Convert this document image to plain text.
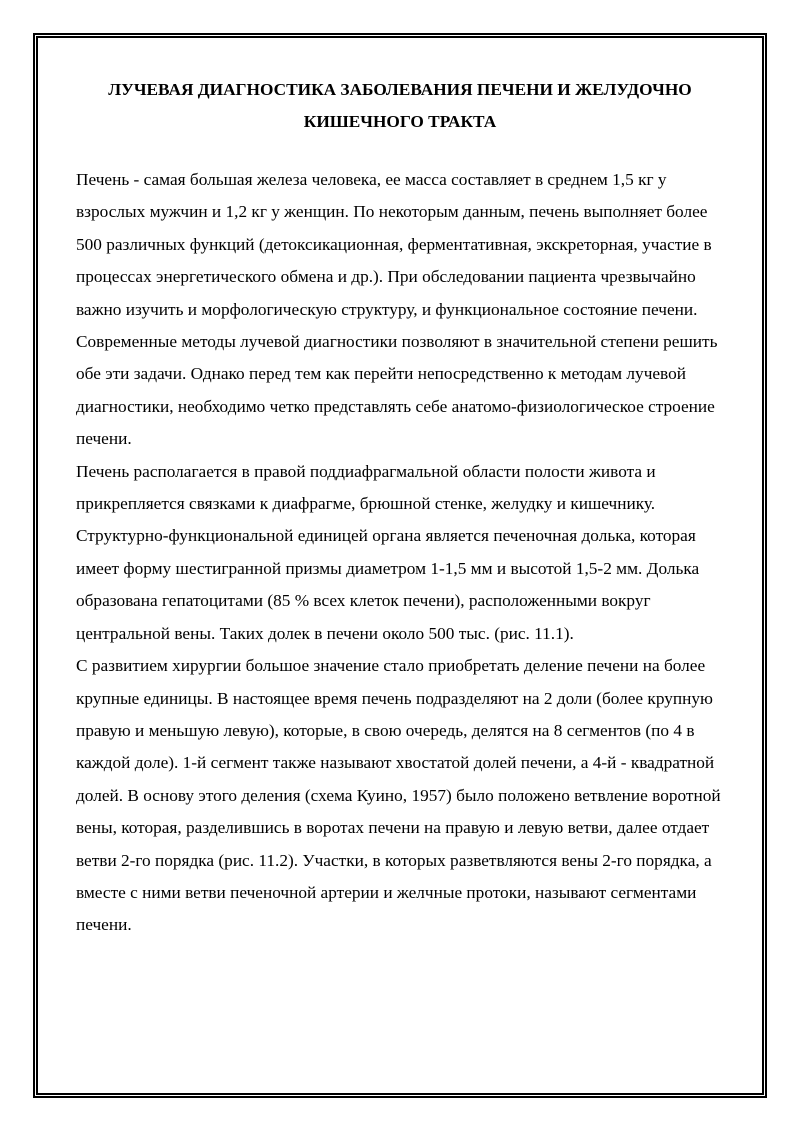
ЛУЧЕВАЯ ДИАГНОСТИКА ЗАБОЛЕВАНИЯ ПЕЧЕНИ И ЖЕЛУДОЧНО КИШЕЧНОГО ТРАКТА

Печень - самая большая железа человека, ее масса составляет в среднем 1,5 кг у взрослых мужчин и 1,2 кг у женщин. По некоторым данным, печень выполняет более 500 различных функций (детоксикационная, ферментативная, экскреторная, участие в процессах энергетического обмена и др.). При обследовании пациента чрезвычайно важно изучить и морфологическую структуру, и функциональное состояние печени. Современные методы лучевой диагностики позволяют в значительной степени решить обе эти задачи. Однако перед тем как перейти непосредственно к методам лучевой диагностики, необходимо четко представлять себе анатомо-физиологическое строение печени.

Печень располагается в правой поддиафрагмальной области полости живота и прикрепляется связками к диафрагме, брюшной стенке, желудку и кишечнику. Структурно-функциональной единицей органа является печеночная долька, которая имеет форму шестигранной призмы диаметром 1-1,5 мм и высотой 1,5-2 мм. Долька образована гепатоцитами (85 % всех клеток печени), расположенными вокруг центральной вены. Таких долек в печени около 500 тыс. (рис. 11.1).

С развитием хирургии большое значение стало приобретать деление печени на более крупные единицы. В настоящее время печень подразделяют на 2 доли (более крупную правую и меньшую левую), которые, в свою очередь, делятся на 8 сегментов (по 4 в каждой доле). 1-й сегмент также называют хвостатой долей печени, а 4-й - квадратной долей. В основу этого деления (схема Куино, 1957) было положено ветвление воротной вены, которая, разделившись в воротах печени на правую и левую ветви, далее отдает ветви 2-го порядка (рис. 11.2). Участки, в которых разветвляются вены 2-го порядка, а вместе с ними ветви печеночной артерии и желчные протоки, называют сегментами печени.
